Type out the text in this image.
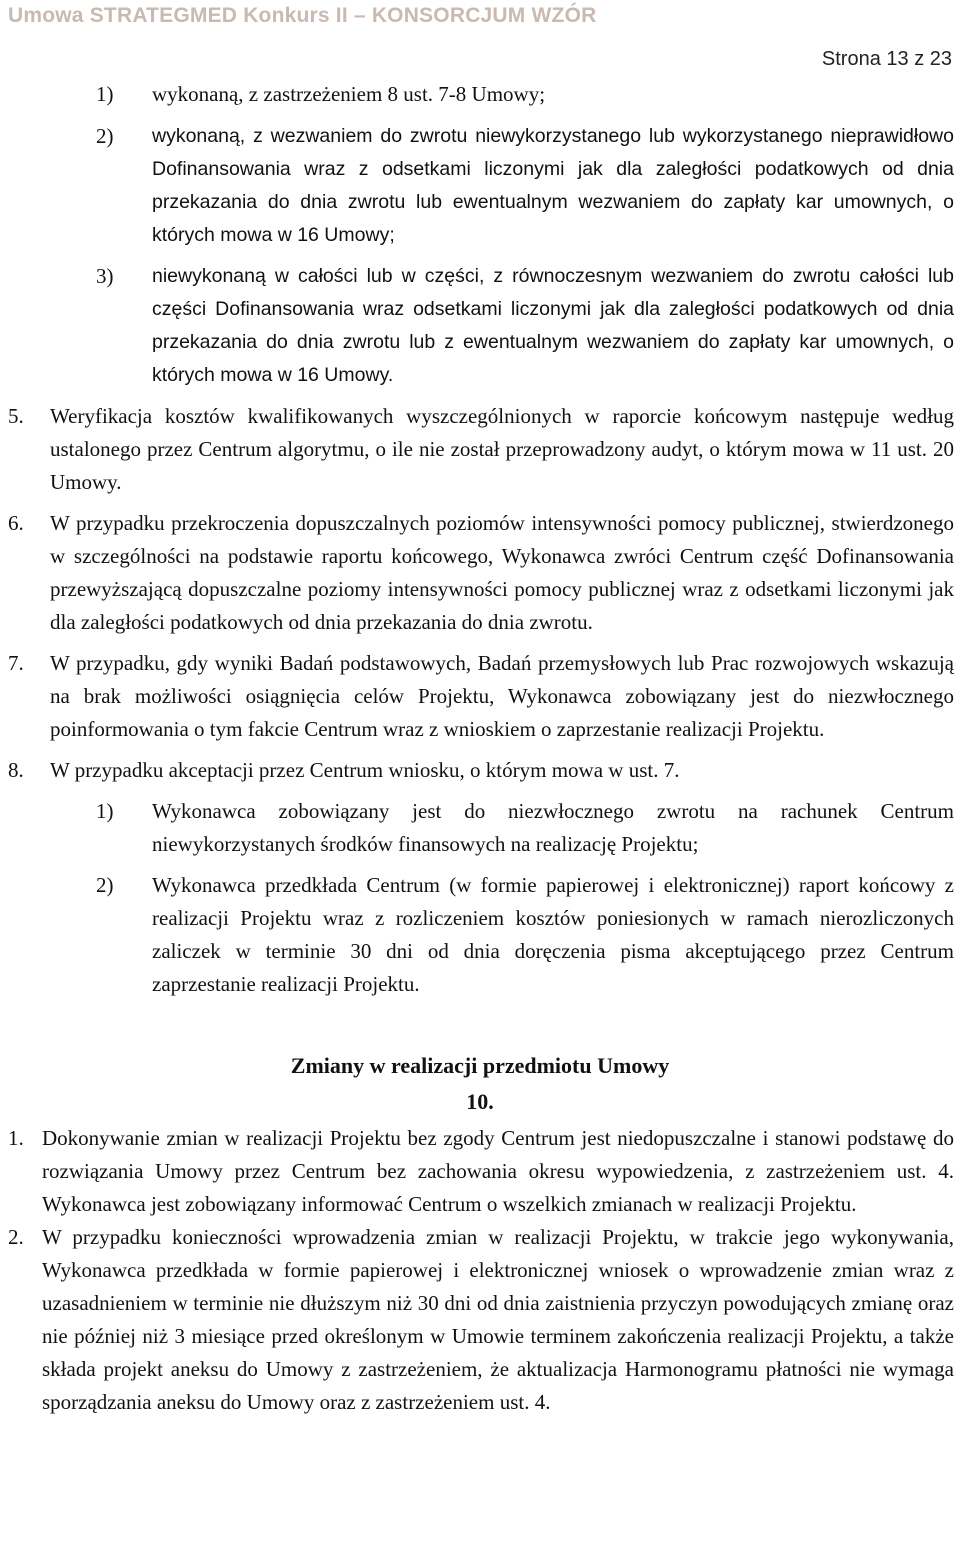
Umowa STRATEGMED Konkurs II – KONSORCJUM WZÓR
Strona 13 z 23
1) wykonaną, z zastrzeżeniem 8 ust. 7-8 Umowy;
2) wykonaną, z wezwaniem do zwrotu niewykorzystanego lub wykorzystanego nieprawidłowo Dofinansowania wraz z odsetkami liczonymi jak dla zaległości podatkowych od dnia przekazania do dnia zwrotu lub ewentualnym wezwaniem do zapłaty kar umownych, o których mowa w 16 Umowy;
3) niewykonaną w całości lub w części, z równoczesnym wezwaniem do zwrotu całości lub części Dofinansowania wraz odsetkami liczonymi jak dla zaległości podatkowych od dnia przekazania do dnia zwrotu lub z ewentualnym wezwaniem do zapłaty kar umownych, o których mowa w 16 Umowy.
5. Weryfikacja kosztów kwalifikowanych wyszczególnionych w raporcie końcowym następuje według ustalonego przez Centrum algorytmu, o ile nie został przeprowadzony audyt, o którym mowa w 11 ust. 20 Umowy.
6. W przypadku przekroczenia dopuszczalnych poziomów intensywności pomocy publicznej, stwierdzonego w szczególności na podstawie raportu końcowego, Wykonawca zwróci Centrum część Dofinansowania przewyższającą dopuszczalne poziomy intensywności pomocy publicznej wraz z odsetkami liczonymi jak dla zaległości podatkowych od dnia przekazania do dnia zwrotu.
7. W przypadku, gdy wyniki Badań podstawowych, Badań przemysłowych lub Prac rozwojowych wskazują na brak możliwości osiągnięcia celów Projektu, Wykonawca zobowiązany jest do niezwłocznego poinformowania o tym fakcie Centrum wraz z wnioskiem o zaprzestanie realizacji Projektu.
8. W przypadku akceptacji przez Centrum wniosku, o którym mowa w ust. 7.
1) Wykonawca zobowiązany jest do niezwłocznego zwrotu na rachunek Centrum niewykorzystanych środków finansowych na realizację Projektu;
2) Wykonawca przedkłada Centrum (w formie papierowej i elektronicznej) raport końcowy z realizacji Projektu wraz z rozliczeniem kosztów poniesionych w ramach nierozliczonych zaliczek w terminie 30 dni od dnia doręczenia pisma akceptującego przez Centrum zaprzestanie realizacji Projektu.
Zmiany w realizacji przedmiotu Umowy
10.
1. Dokonywanie zmian w realizacji Projektu bez zgody Centrum jest niedopuszczalne i stanowi podstawę do rozwiązania Umowy przez Centrum bez zachowania okresu wypowiedzenia, z zastrzeżeniem ust. 4. Wykonawca jest zobowiązany informować Centrum o wszelkich zmianach w realizacji Projektu.
2. W przypadku konieczności wprowadzenia zmian w realizacji Projektu, w trakcie jego wykonywania, Wykonawca przedkłada w formie papierowej i elektronicznej wniosek o wprowadzenie zmian wraz z uzasadnieniem w terminie nie dłuższym niż 30 dni od dnia zaistnienia przyczyn powodujących zmianę oraz nie później niż 3 miesiące przed określonym w Umowie terminem zakończenia realizacji Projektu, a także składa projekt aneksu do Umowy z zastrzeżeniem, że aktualizacja Harmonogramu płatności nie wymaga sporządzania aneksu do Umowy oraz z zastrzeżeniem ust. 4.
